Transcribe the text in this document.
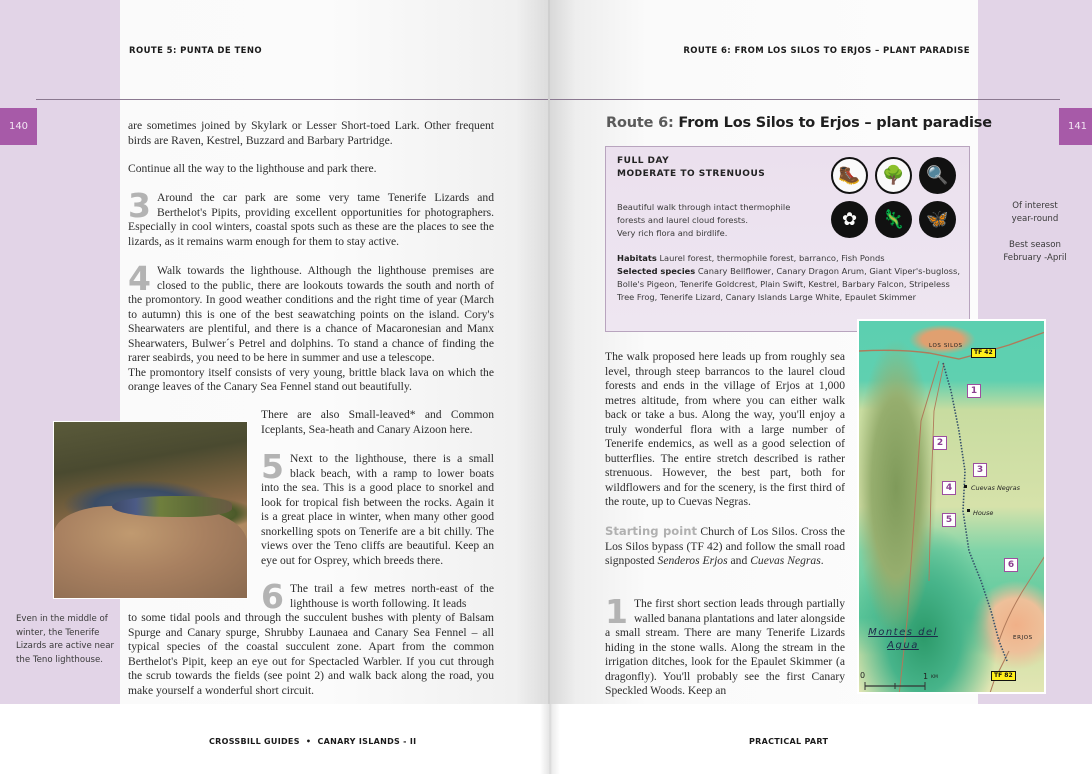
ROUTE 5: PUNTA DE TENO
140	are sometimes joined by Skylark or Lesser Short-toed Lark. Other frequent birds are Raven, Kestrel, Buzzard and Barbary Partridge.

Continue all the way to the lighthouse and park there.

3 Around the car park are some very tame Tenerife Lizards and Berthelot's Pipits, providing excellent opportunities for photographers. Especially in cool winters, coastal spots such as these are the places to see the lizards, as it remains warm enough for them to stay active.

4 Walk towards the lighthouse. Although the lighthouse premises are closed to the public, there are lookouts towards the south and north of the promontory. In good weather conditions and the right time of year (March to autumn) this is one of the best seawatching points on the island. Cory's Shearwaters are plentiful, and there is a chance of Macaronesian and Manx Shearwaters, Bulwer´s Petrel and dolphins. To stand a chance of finding the rarer seabirds, you need to be here in summer and use a telescope.

The promontory itself consists of very young, brittle black lava on which the orange leaves of the Canary Sea Fennel stand out beautifully.

There are also Small-leaved* and Common Iceplants, Sea-heath and Canary Aizoon here.

5 Next to the lighthouse, there is a small black beach, with a ramp to lower boats into the sea. This is a good place to snorkel and look for tropical fish between the rocks. Again it is a great place in winter, when many other good snorkelling spots on Tenerife are a bit chilly. The views over the Teno cliffs are beautiful. Keep an eye out for Osprey, which breeds there.

6 The trail a few metres north-east of the lighthouse is worth following. It leads

to some tidal pools and through the succulent bushes with plenty of Balsam Spurge and Canary spurge, Shrubby Launaea and Canary Sea Fennel – all typical species of the coastal succulent zone. Apart from the common Berthelot's Pipit, keep an eye out for Spectacled Warbler. If you cut through the scrub towards the fields (see point 2) and walk back along the road, you make yourself a wonderful short circuit.

Even in the middle of winter, the Tenerife Lizards are active near the Teno lighthouse.
ROUTE 6: FROM LOS SILOS TO ERJOS – PLANT PARADISE
141
Route 6: From Los Silos to Erjos – plant paradise
FULL DAY
MODERATE TO STRENUOUS
Beautiful walk through intact thermophile
forests and laurel cloud forests.
Very rich flora and birdlife.
🥾	🌳	🔍
✿	🦎	🦋
Habitats Laurel forest, thermophile forest, barranco, Fish Ponds
Selected species Canary Bellflower, Canary Dragon Arum, Giant Viper's-bugloss, Bolle's Pigeon, Tenerife Goldcrest, Plain Swift, Kestrel, Barbary Falcon, Stripeless Tree Frog, Tenerife Lizard, Canary Islands Large White, Epaulet Skimmer
Of interest
year-round
Best season
February -April

The walk proposed here leads up from roughly sea level, through steep barrancos to the laurel cloud forests and ends in the village of Erjos at 1,000 metres altitude, from where you can either walk back or take a bus. Along the way, you'll enjoy a truly wonderful flora with a large number of Tenerife endemics, as well as a good selection of butterflies. The entire stretch described is rather strenuous. However, the best part, both for wildflowers and for the scenery, is the first third of the route, up to Cuevas Negras.

Starting point Church of Los Silos. Cross the Los Silos bypass (TF 42) and follow the small road signposted Senderos Erjos and Cuevas Negras.

1 The first short section leads through partially walled banana plantations and later alongside a small stream. There are many Tenerife Lizards hiding in the stone walls. Along the stream in the irrigation ditches, look for the Epaulet Skimmer (a dragonfly). You'll probably see the first Canary Speckled Woods. Keep an

LOS SILOS
TF 42
1
2
3
4	Cuevas Negras
House
5
6
Montes del
Agua
ERJOS
TF 82
0	1 KM
CROSSBILL GUIDES  •  CANARY ISLANDS - II	PRACTICAL PART
